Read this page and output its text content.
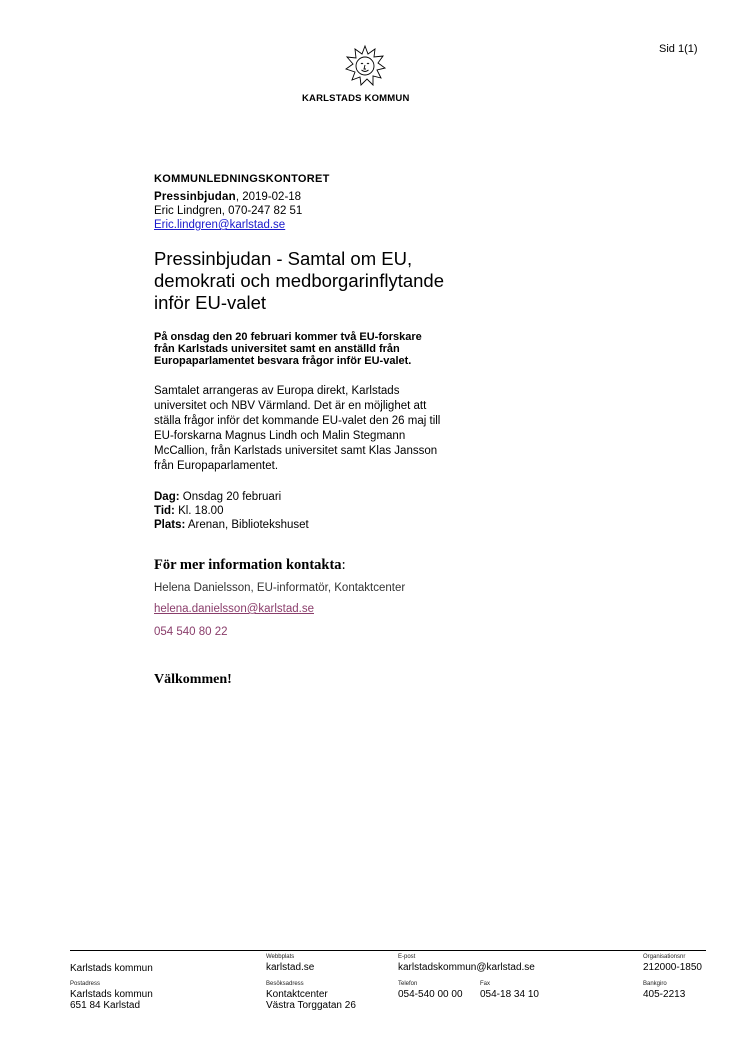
Sid 1(1)
KARLSTADS KOMMUN
KOMMUNLEDNINGSKONTORET
Pressinbjudan, 2019-02-18
Eric Lindgren, 070-247 82 51
Eric.lindgren@karlstad.se
Pressinbjudan - Samtal om EU,
demokrati och medborgarinflytande
inför EU-valet
På onsdag den 20 februari kommer två EU-forskare
från Karlstads universitet samt en anställd från
Europaparlamentet besvara frågor inför EU-valet.
Samtalet arrangeras av Europa direkt, Karlstads
universitet och NBV Värmland. Det är en möjlighet att
ställa frågor inför det kommande EU-valet den 26 maj till
EU-forskarna Magnus Lindh och Malin Stegmann
McCallion, från Karlstads universitet samt Klas Jansson
från Europaparlamentet.
Dag: Onsdag 20 februari
Tid: Kl. 18.00
Plats: Arenan, Bibliotekshuset
För mer information kontakta:
Helena Danielsson, EU-informatör, Kontaktcenter
helena.danielsson@karlstad.se
054 540 80 22
Välkommen!
Karlstads kommun
Webbplats
karlstad.se
E-post
karlstadskommun@karlstad.se
Organisationsnr
212000-1850
Postadress
Karlstads kommun
651 84 Karlstad
Besöksadress
Kontaktcenter
Västra Torggatan 26
Telefon
054-540 00 00
Fax
054-18 34 10
Bankgiro
405-2213
